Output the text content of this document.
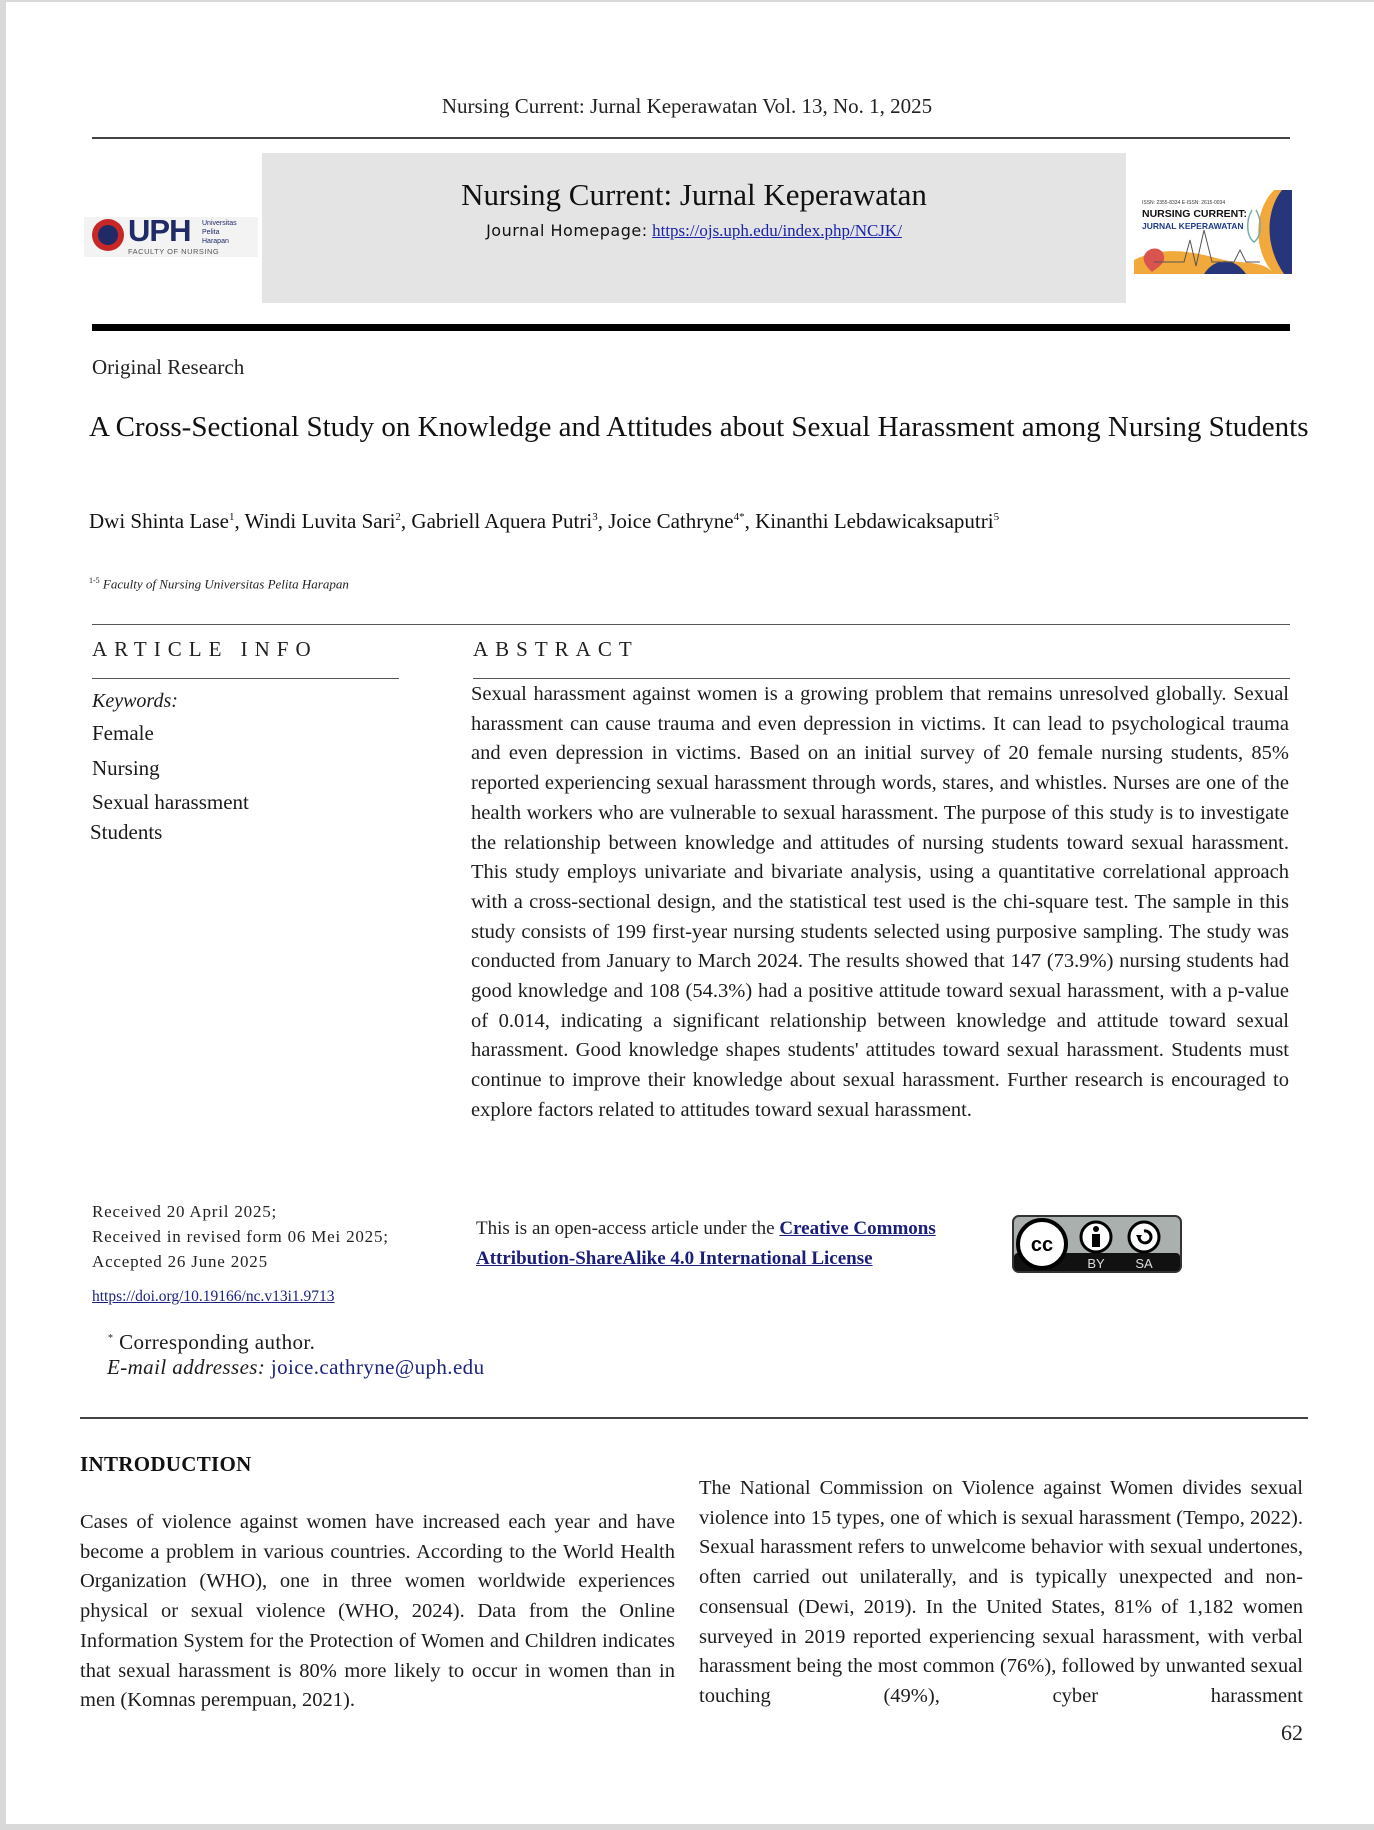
Nursing Current: Jurnal Keperawatan Vol. 13, No. 1, 2025
UPH Universitas
Pelita
Harapan
FACULTY OF NURSING
Nursing Current: Jurnal Keperawatan
Journal Homepage: https://ojs.uph.edu/index.php/NCJK/
ISSN: 2355-8334 E-ISSN: 2615-0034
NURSING CURRENT:
JURNAL KEPERAWATAN
Original Research
A Cross-Sectional Study on Knowledge and Attitudes about Sexual Harassment among Nursing Students
Dwi Shinta Lase$^1$, Windi Luvita Sari$^2$, Gabriell Aquera Putri$^3$, Joice Cathryne$^{4*}$, Kinanthi Lebdawicaksaputri$^5$
$^{1-5}$ Faculty of Nursing Universitas Pelita Harapan
ARTICLE INFO
Keywords:
Female
Nursing
Sexual harassment
Students
ABSTRACT
Sexual harassment against women is a growing problem that remains unresolved globally. Sexual harassment can cause trauma and even depression in victims. It can lead to psychological trauma and even depression in victims. Based on an initial survey of 20 female nursing students, 85% reported experiencing sexual harassment through words, stares, and whistles. Nurses are one of the health workers who are vulnerable to sexual harassment. The purpose of this study is to investigate the relationship between knowledge and attitudes of nursing students toward sexual harassment. This study employs univariate and bivariate analysis, using a quantitative correlational approach with a cross-sectional design, and the statistical test used is the chi-square test. The sample in this study consists of 199 first-year nursing students selected using purposive sampling. The study was conducted from January to March 2024. The results showed that 147 (73.9%) nursing students had good knowledge and 108 (54.3%) had a positive attitude toward sexual harassment, with a p-value of 0.014, indicating a significant relationship between knowledge and attitude toward sexual harassment. Good knowledge shapes students' attitudes toward sexual harassment. Students must continue to improve their knowledge about sexual harassment. Further research is encouraged to explore factors related to attitudes toward sexual harassment.
Received 20 April 2025;
Received in revised form 06 Mei 2025;
Accepted 26 June 2025
https://doi.org/10.19166/nc.v13i1.9713
* Corresponding author.
E-mail addresses: joice.cathryne@uph.edu
This is an open-access article under the Creative Commons Attribution-ShareAlike 4.0 International License
cc
BY SA
INTRODUCTION
Cases of violence against women have increased each year and have become a problem in various countries. According to the World Health Organization (WHO), one in three women worldwide experiences physical or sexual violence (WHO, 2024). Data from the Online Information System for the Protection of Women and Children indicates that sexual harassment is 80% more likely to occur in women than in men (Komnas perempuan, 2021).
The National Commission on Violence against Women divides sexual violence into 15 types, one of which is sexual harassment (Tempo, 2022). Sexual harassment refers to unwelcome behavior with sexual undertones, often carried out unilaterally, and is typically unexpected and non-consensual (Dewi, 2019). In the United States, 81% of 1,182 women surveyed in 2019 reported experiencing sexual harassment, with verbal harassment being the most common (76%), followed by unwanted sexual touching (49%), cyber harassment
62
